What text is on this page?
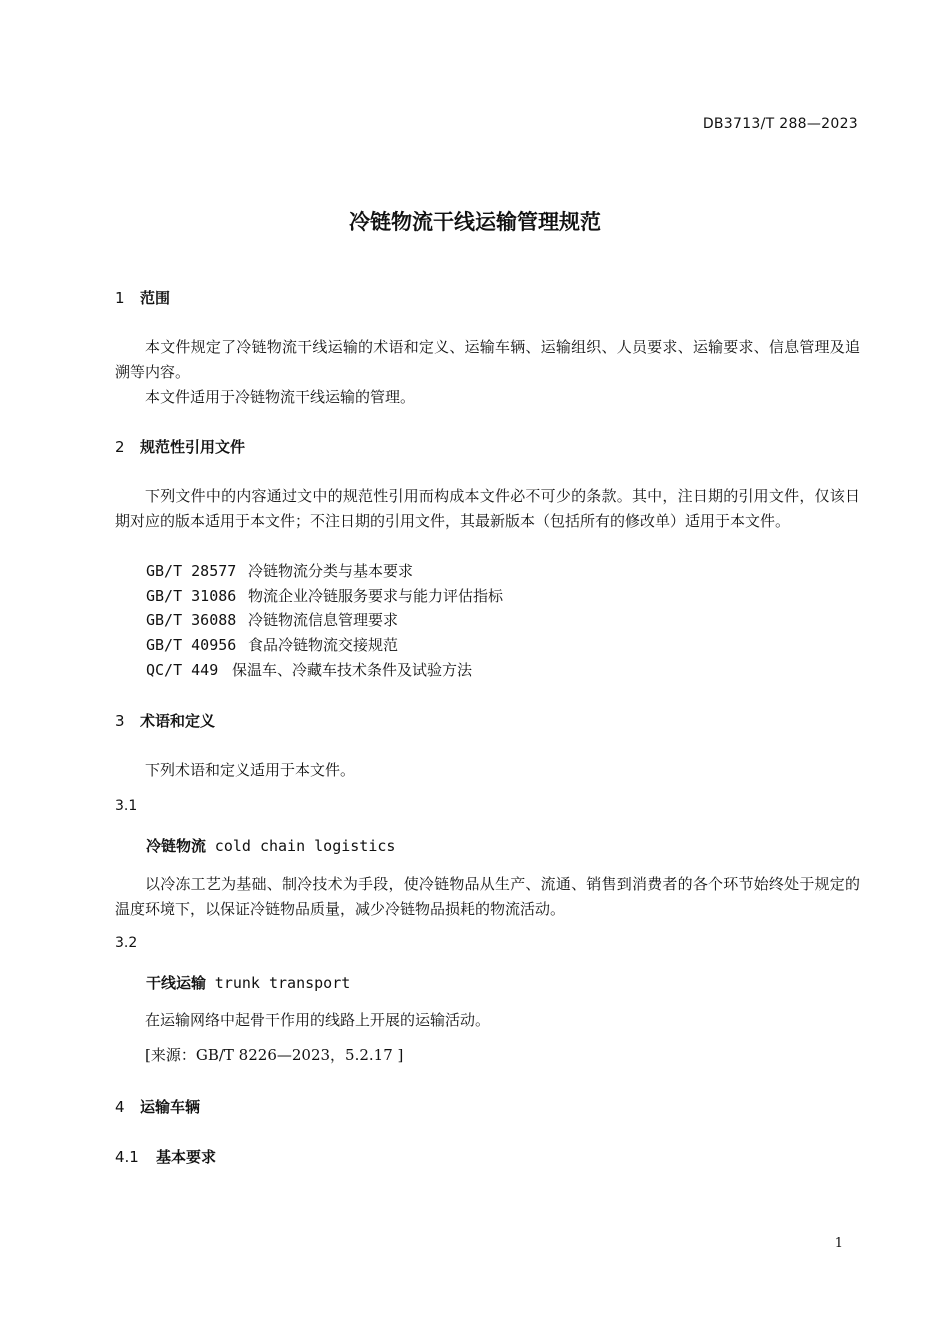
DB3713/T 288—2023
冷链物流干线运输管理规范
1 范围
本文件规定了冷链物流干线运输的术语和定义、运输车辆、运输组织、人员要求、运输要求、信息管理及追溯等内容。
本文件适用于冷链物流干线运输的管理。
2 规范性引用文件
下列文件中的内容通过文中的规范性引用而构成本文件必不可少的条款。其中，注日期的引用文件，仅该日期对应的版本适用于本文件；不注日期的引用文件，其最新版本（包括所有的修改单）适用于本文件。
GB/T 28577 冷链物流分类与基本要求
GB/T 31086 物流企业冷链服务要求与能力评估指标
GB/T 36088 冷链物流信息管理要求
GB/T 40956 食品冷链物流交接规范
QC/T 449 保温车、冷藏车技术条件及试验方法
3 术语和定义
下列术语和定义适用于本文件。
3.1
冷链物流 cold chain logistics
以冷冻工艺为基础、制冷技术为手段，使冷链物品从生产、流通、销售到消费者的各个环节始终处于规定的温度环境下，以保证冷链物品质量，减少冷链物品损耗的物流活动。
3.2
干线运输 trunk transport
在运输网络中起骨干作用的线路上开展的运输活动。
[来源：GB/T 8226—2023，5.2.17 ]
4 运输车辆
4.1 基本要求
1
